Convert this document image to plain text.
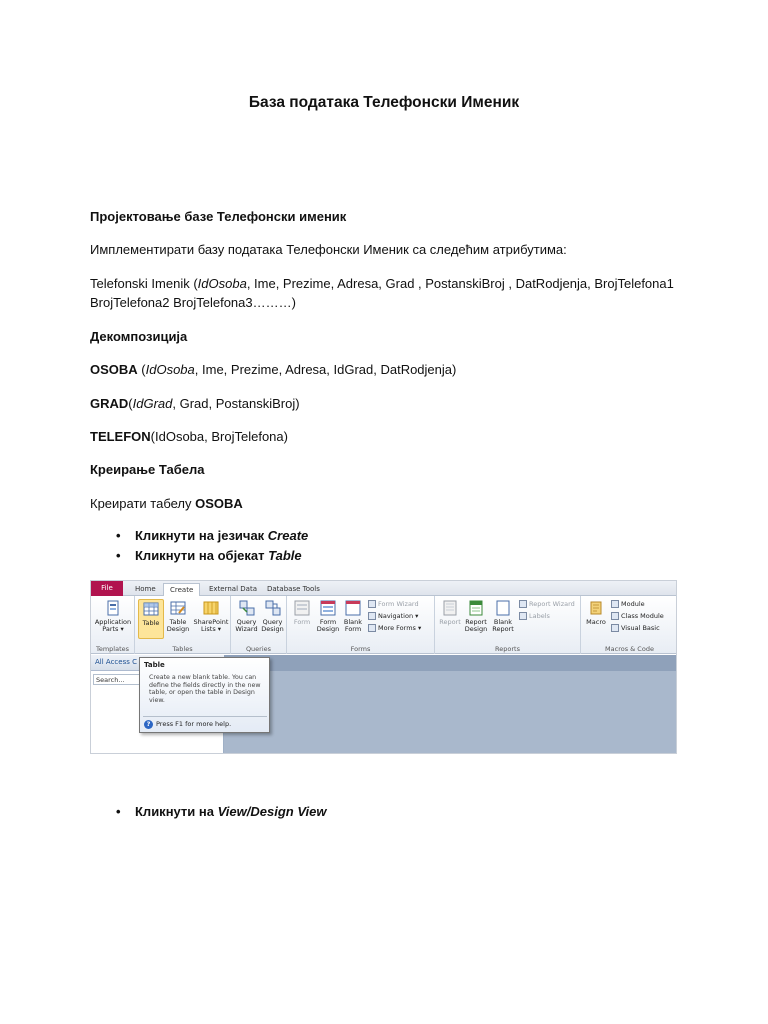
База података Телефонски Именик
Пројектовање базе Телефонски именик
Имплементирати базу података Телефонски Именик са следећим атрибутима:
Telefonski Imenik (IdOsoba, Ime, Prezime, Adresa, Grad , PostanskiBroj , DatRodjenja, BrojTelefona1
BrojTelefona2 BrojTelefona3………)
Декомпозиција
OSOBA (IdOsoba, Ime, Prezime, Adresa, IdGrad, DatRodjenja)
GRAD(IdGrad, Grad, PostanskiBroj)
TELEFON(IdOsoba, BrojTelefona)
Креирање Табела
Креирати табелу OSOBA
• Кликнути на језичак Create
• Кликнути на објекат Table
File	Home	Create	External Data	Database Tools
Application
Parts ▾
Templates
Table	Table
Design
SharePoint
Lists ▾
Tables
Query
Wizard
Query
Design
Queries
Form	Form
Design
Blank
Form
Form Wizard
Navigation ▾
More Forms ▾
Forms
Report Report
Design
Blank
Report
Report Wizard
Labels
Reports
Macro
Module
Class Module
Visual Basic
Macros & Code
All Access C
Search...
Table
Create a new blank table. You can define the fields directly in the new table, or open the table in Design view.
? Press F1 for more help.
• Кликнути на View/Design View
